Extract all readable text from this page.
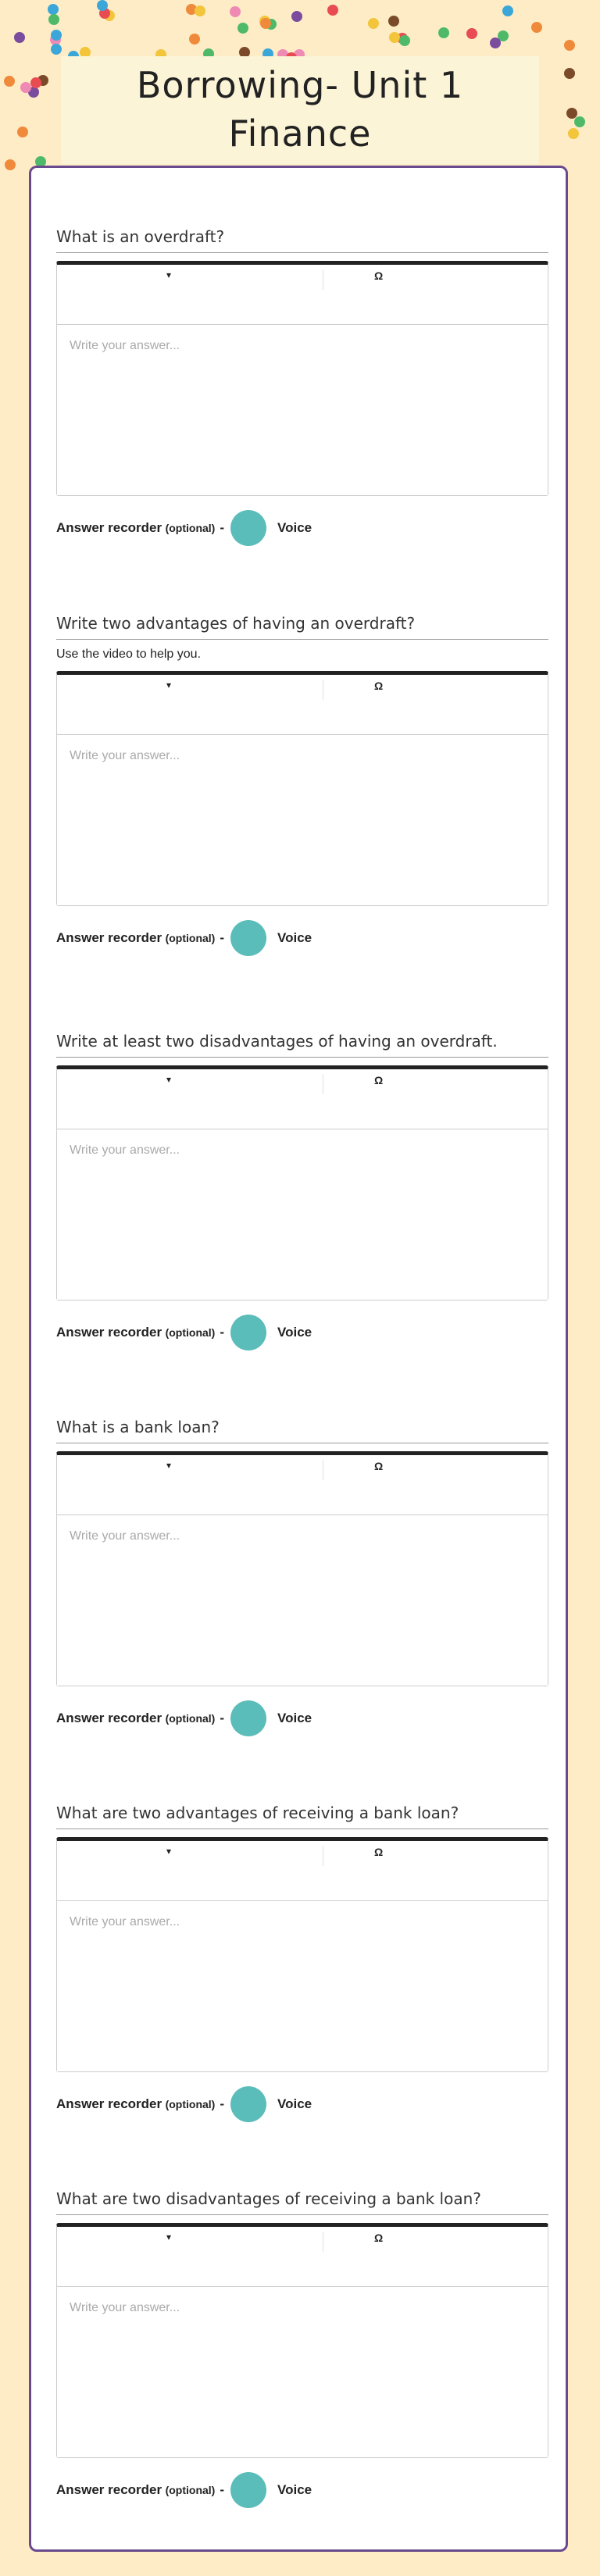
Borrowing- Unit 1 Finance
What is an overdraft?
▾	Ω
Write your answer...
Answer recorder
(optional) -	Voice
Write two advantages of having an overdraft?
Use the video to help you.
▾	Ω
Write your answer...
Answer recorder
(optional) -	Voice
Write at least two disadvantages of having an overdraft.
▾	Ω
Write your answer...
Answer recorder
(optional) -	Voice
What is a bank loan?
▾	Ω
Write your answer...
Answer recorder
(optional) -	Voice
What are two advantages of receiving a bank loan?
▾	Ω
Write your answer...
Answer recorder
(optional) -	Voice
What are two disadvantages of receiving a bank loan?
▾	Ω
Write your answer...
Answer recorder
(optional) -	Voice
